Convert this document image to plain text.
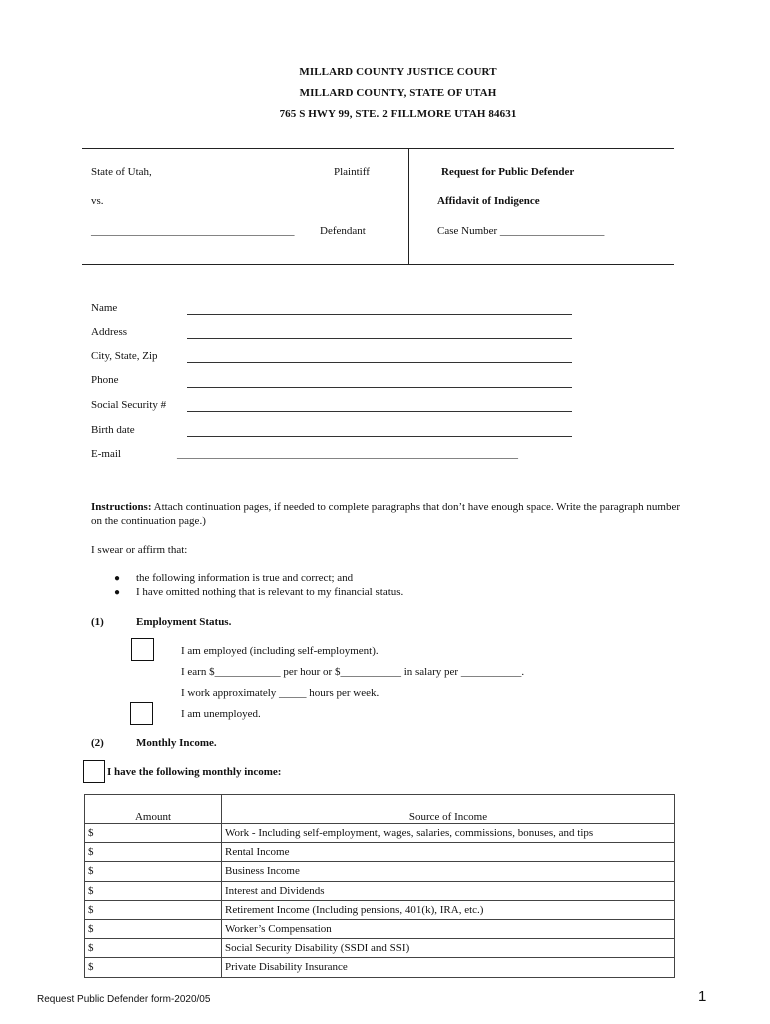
MILLARD COUNTY JUSTICE COURT
MILLARD COUNTY, STATE OF UTAH
765 S HWY 99, STE. 2 FILLMORE UTAH 84631
State of Utah,	Plaintiff
vs.
_____________________________________ Defendant
Request for Public Defender
Affidavit of Indigence
Case Number ___________________
Name
Address
City, State, Zip
Phone
Social Security #
Birth date
E-mail	______________________________________________________________
Instructions: Attach continuation pages, if needed to complete paragraphs that don’t have enough space. Write the paragraph number
on the continuation page.)
I swear or affirm that:
● the following information is true and correct; and
● I have omitted nothing that is relevant to my financial status.
(1)	Employment Status.
I am employed (including self-employment).
I earn $____________ per hour or $___________ in salary per ___________.
I work approximately _____ hours per week.
I am unemployed.
(2)	Monthly Income.
I have the following monthly income:
Amount	Source of Income
$	Work - Including self-employment, wages, salaries, commissions, bonuses, and tips
$	Rental Income
$	Business Income
$	Interest and Dividends
$	Retirement Income (Including pensions, 401(k), IRA, etc.)
$	Worker’s Compensation
$	Social Security Disability (SSDI and SSI)
$	Private Disability Insurance
Request Public Defender form-2020/05	1
